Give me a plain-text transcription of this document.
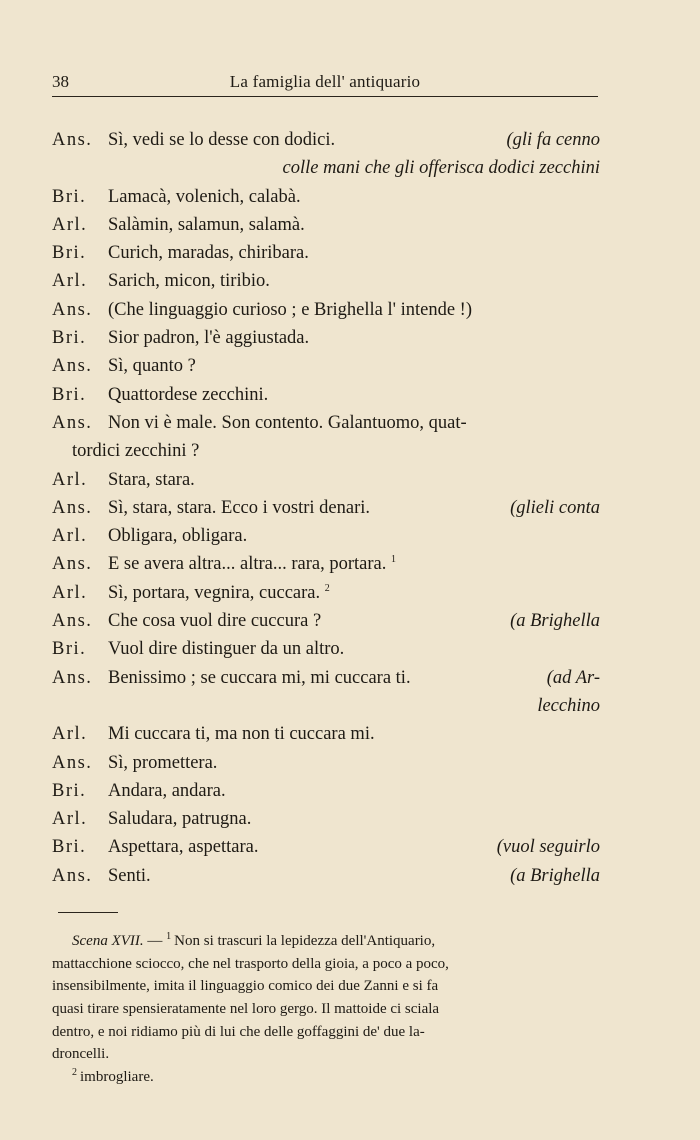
38	La famiglia dell' antiquario
Ans. Sì, vedi se lo desse con dodici.	(gli fa cenno
colle mani che gli offerisca dodici zecchini
Bri. Lamacà, volenich, calabà.
Arl. Salàmin, salamun, salamà.
Bri. Curich, maradas, chiribara.
Arl. Sarich, micon, tiribio.
Ans. (Che linguaggio curioso ; e Brighella l' intende !)
Bri. Sior padron, l'è aggiustada.
Ans. Sì, quanto ?
Bri. Quattordese zecchini.
Ans. Non vi è male. Son contento. Galantuomo, quat-
tordici zecchini ?
Arl. Stara, stara.
Ans. Sì, stara, stara. Ecco i vostri denari.	(glieli conta
Arl. Obligara, obligara.
Ans. E se avera altra... altra... rara, portara. $^1$
Arl. Sì, portara, vegnira, cuccara. $^2$
Ans. Che cosa vuol dire cuccura ?	(a Brighella
Bri. Vuol dire distinguer da un altro.
Ans. Benissimo ; se cuccara mi, mi cuccara ti.	(ad Ar-
lecchino
Arl. Mi cuccara ti, ma non ti cuccara mi.
Ans. Sì, promettera.
Bri. Andara, andara.
Arl. Saludara, patrugna.
Bri. Aspettara, aspettara.	(vuol seguirlo
Ans. Senti.	(a Brighella
Scena XVII. — $^1$  Non si trascuri la lepidezza dell'Antiquario,
mattacchione sciocco, che nel trasporto della gioia, a poco a poco,
insensibilmente, imita il linguaggio comico dei due Zanni e si fa
quasi tirare spensieratamente nel loro gergo. Il mattoide ci sciala
dentro, e noi ridiamo più di lui che delle goffaggini de' due la-
droncelli.
$^2$  imbrogliare.
